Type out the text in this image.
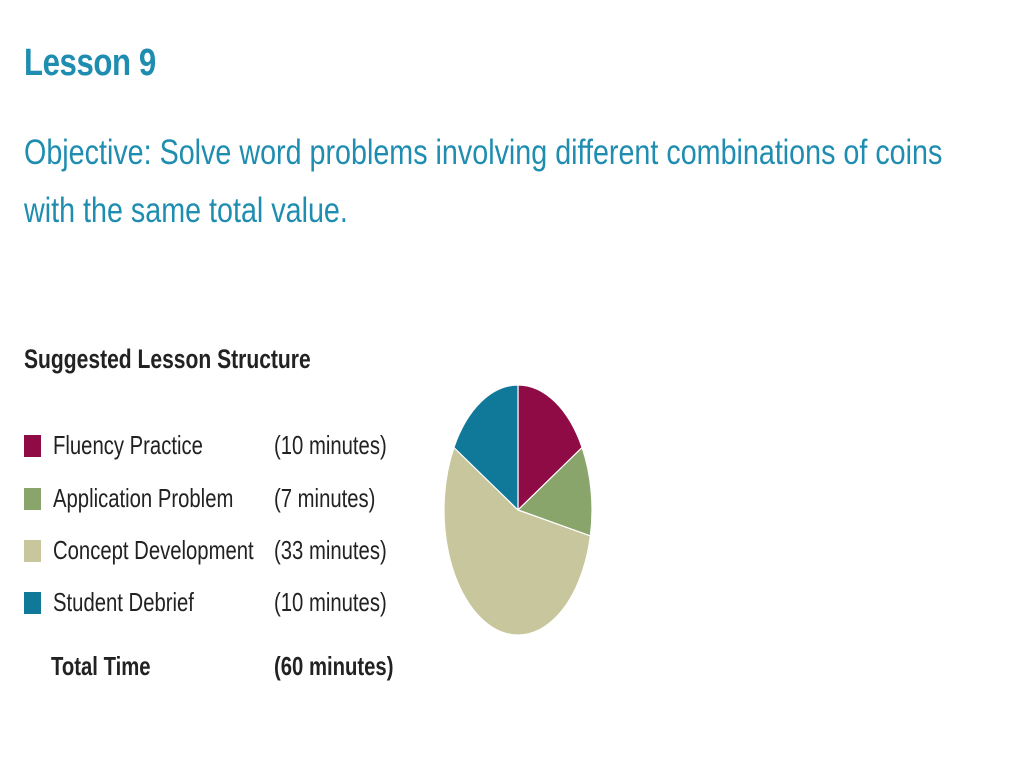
Lesson 9
Objective: Solve word problems involving different combinations of coins with the same total value.
Suggested Lesson Structure
Fluency Practice	(10 minutes)
Application Problem (7 minutes)
Concept Development (33 minutes)
Student Debrief	(10 minutes)
Total Time	(60 minutes)
